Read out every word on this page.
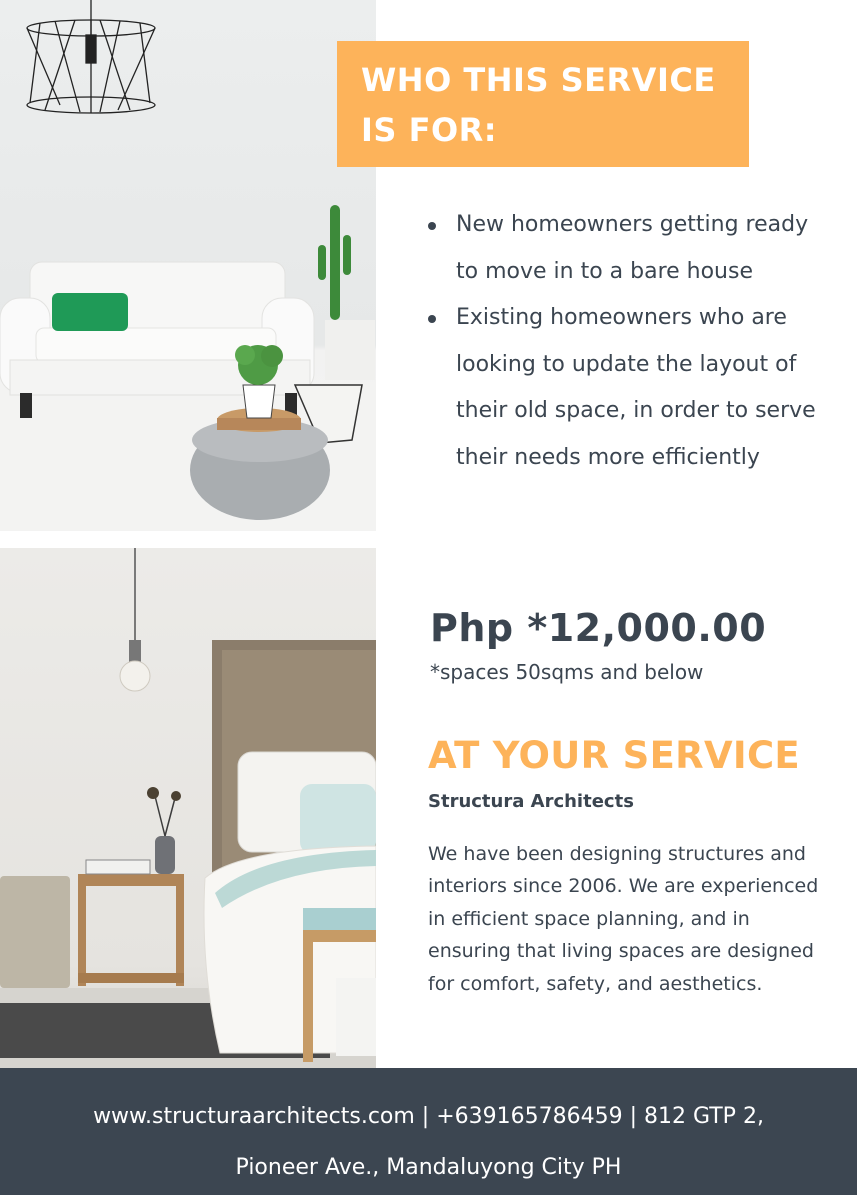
WHO THIS SERVICE IS FOR:
New homeowners getting ready to move in to a bare house
Existing homeowners who are looking to update the layout of their old space, in order to serve their needs more efficiently
Php *12,000.00
*spaces 50sqms and below
AT YOUR SERVICE
Structura Architects

We have been designing structures and interiors since 2006. We are experienced in efficient space planning, and in ensuring that living spaces are designed for comfort, safety, and aesthetics.

www.structuraarchitects.com | +639165786459 | 812 GTP 2,

Pioneer Ave., Mandaluyong City PH
